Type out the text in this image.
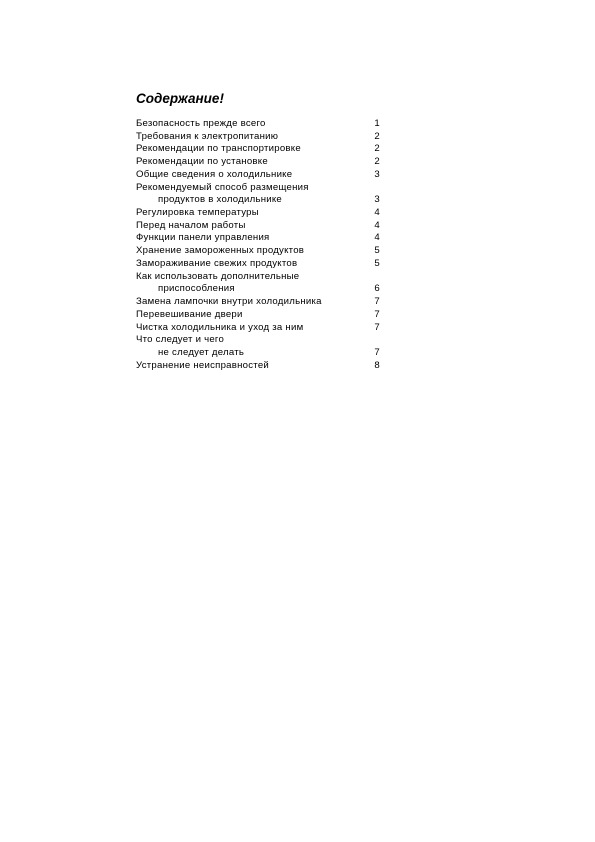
Содержание!
Безопасность прежде всего	1
Требования к электропитанию	2
Рекомендации по транспортировке	2
Рекомендации по установке	2
Общие сведения о холодильнике	3
Рекомендуемый способ размещения
продуктов в холодильнике	3
Регулировка температуры	4
Перед началом работы	4
Функции панели управления	4
Хранение замороженных продуктов	5
Замораживание свежих продуктов	5
Как использовать дополнительные
приспособления	6
Замена лампочки внутри холодильника	7
Перевешивание двери	7
Чистка холодильника и уход за ним	7
Что следует и чего
не следует делать	7
Устранение неисправностей	8
